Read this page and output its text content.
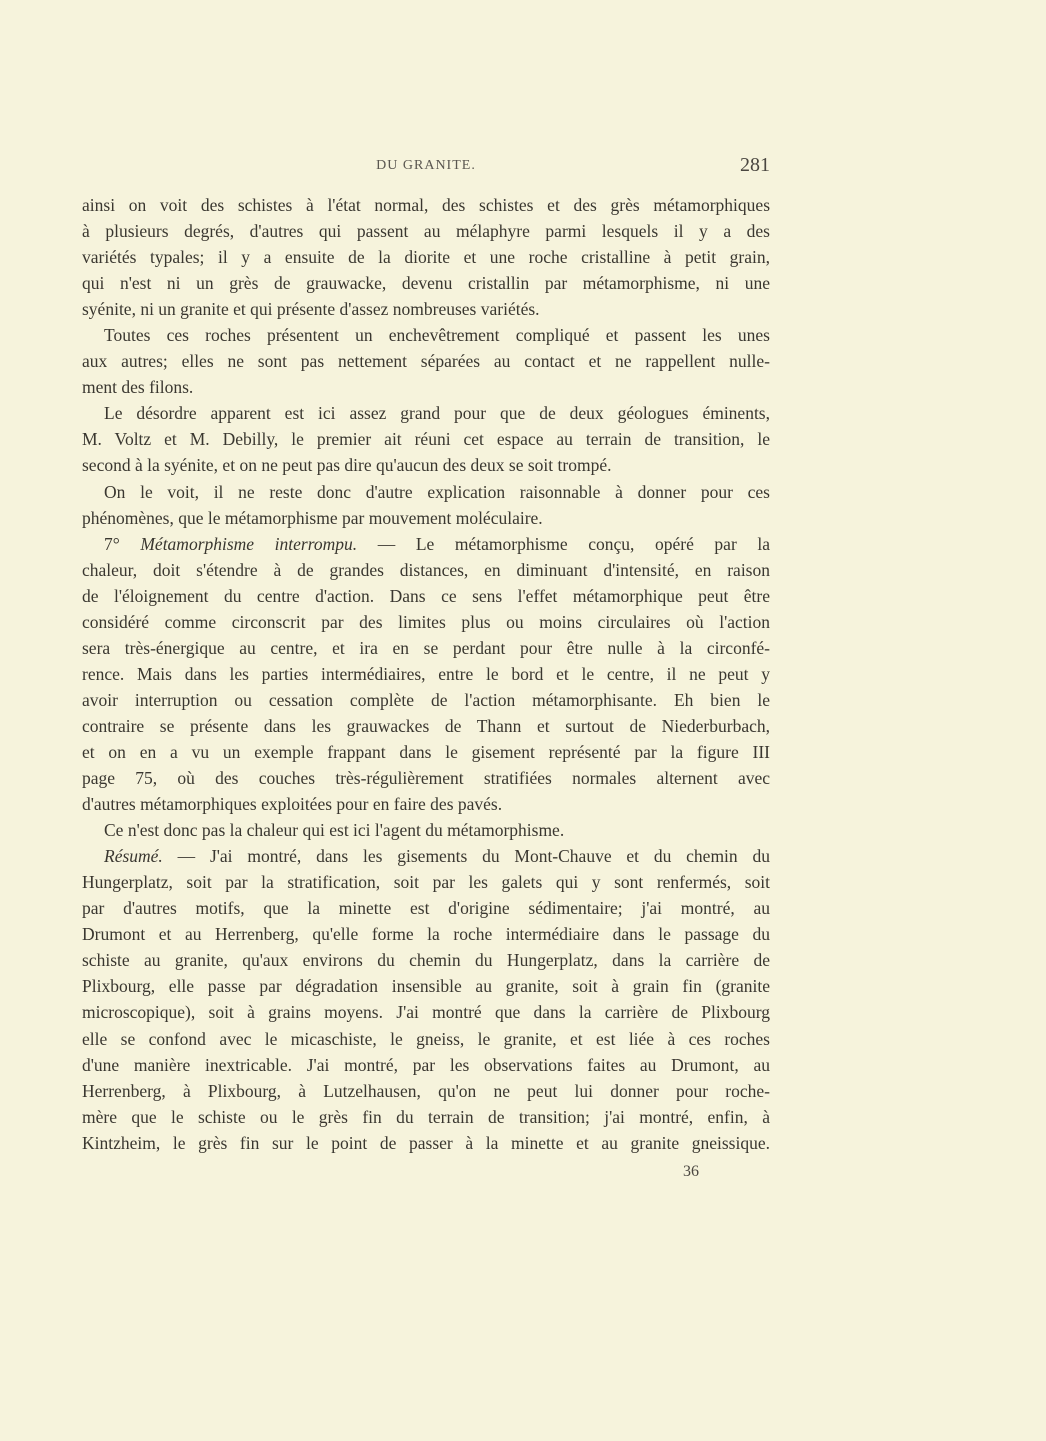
DU GRANITE.	281
ainsi on voit des schistes à l'état normal, des schistes et des grès métamorphiques
à plusieurs degrés, d'autres qui passent au mélaphyre parmi lesquels il y a des
variétés typales; il y a ensuite de la diorite et une roche cristalline à petit grain,
qui n'est ni un grès de grauwacke, devenu cristallin par métamorphisme, ni une
syénite, ni un granite et qui présente d'assez nombreuses variétés.
Toutes ces roches présentent un enchevêtrement compliqué et passent les unes
aux autres; elles ne sont pas nettement séparées au contact et ne rappellent nulle-
ment des filons.
Le désordre apparent est ici assez grand pour que de deux géologues éminents,
M. Voltz et M. Debilly, le premier ait réuni cet espace au terrain de transition, le
second à la syénite, et on ne peut pas dire qu'aucun des deux se soit trompé.
On le voit, il ne reste donc d'autre explication raisonnable à donner pour ces
phénomènes, que le métamorphisme par mouvement moléculaire.
7° Métamorphisme interrompu. — Le métamorphisme conçu, opéré par la
chaleur, doit s'étendre à de grandes distances, en diminuant d'intensité, en raison
de l'éloignement du centre d'action. Dans ce sens l'effet métamorphique peut être
considéré comme circonscrit par des limites plus ou moins circulaires où l'action
sera très-énergique au centre, et ira en se perdant pour être nulle à la circonfé-
rence. Mais dans les parties intermédiaires, entre le bord et le centre, il ne peut y
avoir interruption ou cessation complète de l'action métamorphisante. Eh bien le
contraire se présente dans les grauwackes de Thann et surtout de Niederburbach,
et on en a vu un exemple frappant dans le gisement représenté par la figure III
page 75, où des couches très-régulièrement stratifiées normales alternent avec
d'autres métamorphiques exploitées pour en faire des pavés.
Ce n'est donc pas la chaleur qui est ici l'agent du métamorphisme.
Résumé. — J'ai montré, dans les gisements du Mont-Chauve et du chemin du
Hungerplatz, soit par la stratification, soit par les galets qui y sont renfermés, soit
par d'autres motifs, que la minette est d'origine sédimentaire; j'ai montré, au
Drumont et au Herrenberg, qu'elle forme la roche intermédiaire dans le passage du
schiste au granite, qu'aux environs du chemin du Hungerplatz, dans la carrière de
Plixbourg, elle passe par dégradation insensible au granite, soit à grain fin (granite
microscopique), soit à grains moyens. J'ai montré que dans la carrière de Plixbourg
elle se confond avec le micaschiste, le gneiss, le granite, et est liée à ces roches
d'une manière inextricable. J'ai montré, par les observations faites au Drumont, au
Herrenberg, à Plixbourg, à Lutzelhausen, qu'on ne peut lui donner pour roche-
mère que le schiste ou le grès fin du terrain de transition; j'ai montré, enfin, à
Kintzheim, le grès fin sur le point de passer à la minette et au granite gneissique.
36
